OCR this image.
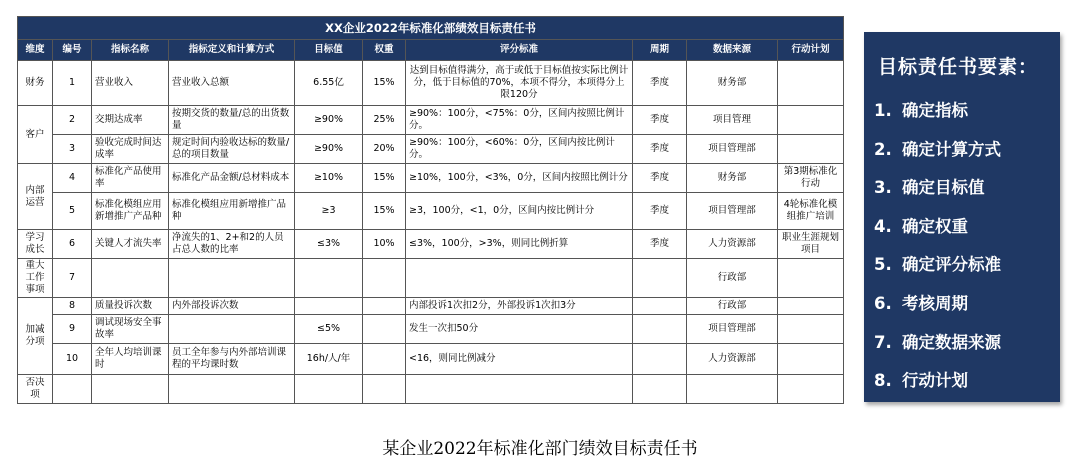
XX企业2022年标准化部绩效目标责任书									
维度	编号	指标名称	指标定义和计算方式	目标值	权重	评分标准	周期	数据来源	行动计划
财务	1	营业收入	营业收入总额	6.55亿	15%	达到目标值得满分，高于或低于目标值按实际比例计分，低于目标值的70%，本项不得分，本项得分上限120分	季度	财务部	
客户	2	交期达成率	按期交货的数量/总的出货数量	≥90%	25%	≥90%：100分，<75%：0分，区间内按照比例计分。	季度	项目管理	
	3	验收完成时间达成率	规定时间内验收达标的数量/总的项目数量	≥90%	20%	≥90%：100分，<60%：0分，区间内按比例计分。	季度	项目管理部	
内部运营	4	标准化产品使用率	标准化产品金额/总材料成本	≥10%	15%	≥10%，100分，<3%，0分，区间内按照比例计分	季度	财务部	第3期标准化行动
	5	标准化模组应用新增推广产品种	标准化模组应用新增推广品种	≥3	15%	≥3，100分，<1，0分，区间内按比例计分	季度	项目管理部	4轮标准化模组推广培训
学习成长	6	关键人才流失率	净流失的1、2+和2的人员占总人数的比率	≤3%	10%	≤3%，100分，>3%，则同比例折算	季度	人力资源部	职业生涯规划项目
重大工作事项	7							行政部	
加减分项	8	质量投诉次数	内外部投诉次数			内部投诉1次扣2分，外部投诉1次扣3分		行政部	
	9	调试现场安全事故率		≤5%		发生一次扣50分		项目管理部	
	10	全年人均培训课时	员工全年参与内外部培训课程的平均课时数	16h/人/年		<16，则同比例减分		人力资源部	
否决项									
目标责任书要素：
1. 确定指标
2. 确定计算方式
3. 确定目标值
4. 确定权重
5. 确定评分标准
6. 考核周期
7. 确定数据来源
8. 行动计划
某企业2022年标准化部门绩效目标责任书
